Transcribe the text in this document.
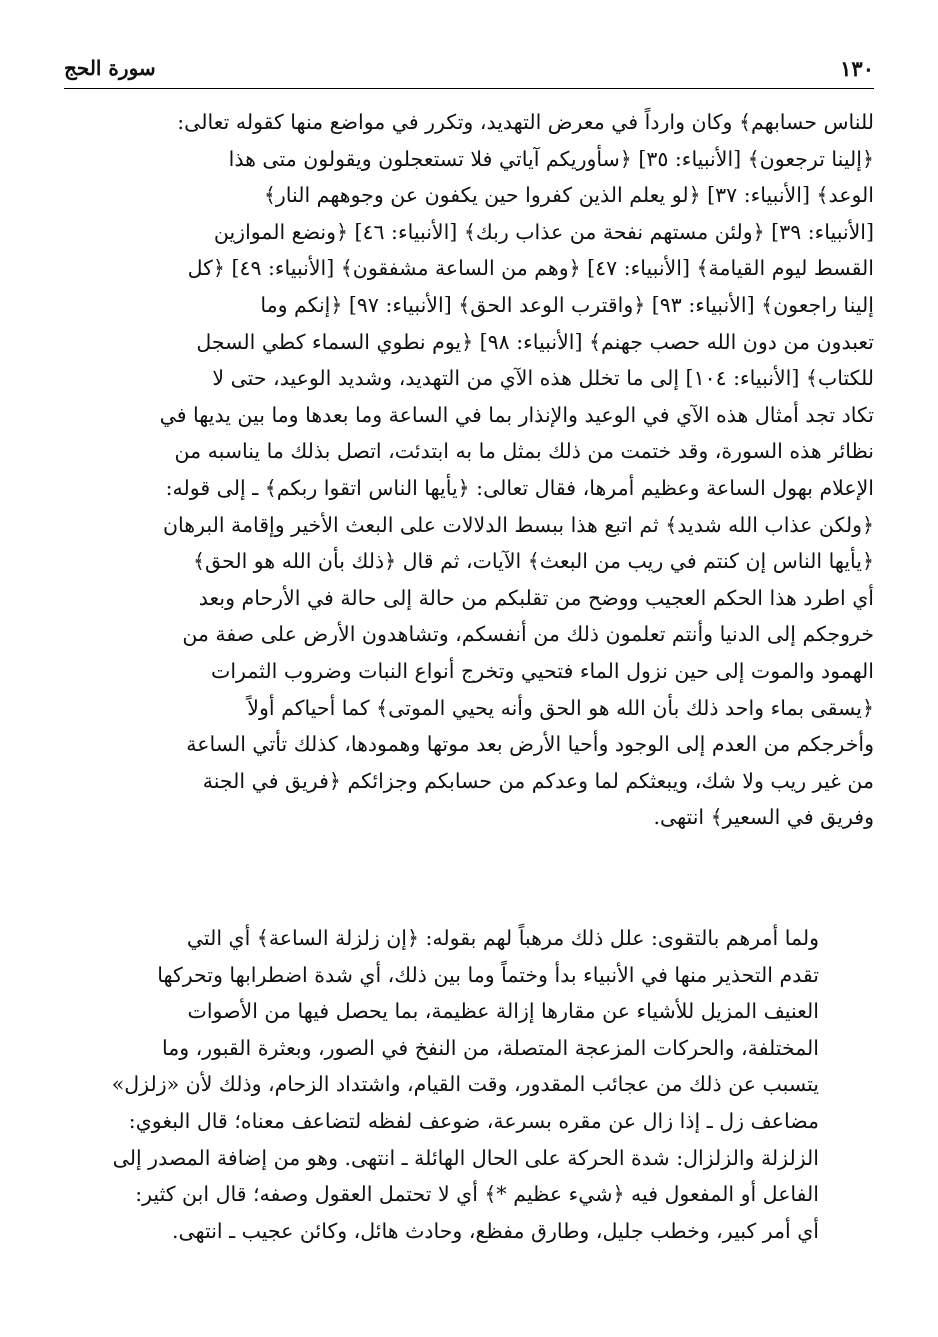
١٣٠
سورة الحج
للناس حسابهم﴾ وكان وارداً في معرض التهديد، وتكرر في مواضع منها كقوله تعالى:
﴿إلينا ترجعون﴾ [الأنبياء: ٣٥] ﴿سأوريكم آياتي فلا تستعجلون ويقولون متى هذا
الوعد﴾ [الأنبياء: ٣٧] ﴿لو يعلم الذين كفروا حين يكفون عن وجوههم النار﴾
[الأنبياء: ٣٩] ﴿ولئن مستهم نفحة من عذاب ربك﴾ [الأنبياء: ٤٦] ﴿ونضع الموازين
القسط ليوم القيامة﴾ [الأنبياء: ٤٧] ﴿وهم من الساعة مشفقون﴾ [الأنبياء: ٤٩] ﴿كل
إلينا راجعون﴾ [الأنبياء: ٩٣] ﴿واقترب الوعد الحق﴾ [الأنبياء: ٩٧] ﴿إنكم وما
تعبدون من دون الله حصب جهنم﴾ [الأنبياء: ٩٨] ﴿يوم نطوي السماء كطي السجل
للكتاب﴾ [الأنبياء: ١٠٤] إلى ما تخلل هذه الآي من التهديد، وشديد الوعيد، حتى لا
تكاد تجد أمثال هذه الآي في الوعيد والإنذار بما في الساعة وما بعدها وما بين يديها في
نظائر هذه السورة، وقد ختمت من ذلك بمثل ما به ابتدئت، اتصل بذلك ما يناسبه من
الإعلام بهول الساعة وعظيم أمرها، فقال تعالى: ﴿يأيها الناس اتقوا ربكم﴾ ـ إلى قوله:
﴿ولكن عذاب الله شديد﴾ ثم اتبع هذا ببسط الدلالات على البعث الأخير وإقامة البرهان
﴿يأيها الناس إن كنتم في ريب من البعث﴾ الآيات، ثم قال ﴿ذلك بأن الله هو الحق﴾
أي اطرد هذا الحكم العجيب ووضح من تقلبكم من حالة إلى حالة في الأرحام وبعد
خروجكم إلى الدنيا وأنتم تعلمون ذلك من أنفسكم، وتشاهدون الأرض على صفة من
الهمود والموت إلى حين نزول الماء فتحيي وتخرج أنواع النبات وضروب الثمرات
﴿يسقى بماء واحد ذلك بأن الله هو الحق وأنه يحيي الموتى﴾ كما أحياكم أولاً
وأخرجكم من العدم إلى الوجود وأحيا الأرض بعد موتها وهمودها، كذلك تأتي الساعة
من غير ريب ولا شك، ويبعثكم لما وعدكم من حسابكم وجزائكم ﴿فريق في الجنة
وفريق في السعير﴾ انتهى.
ولما أمرهم بالتقوى: علل ذلك مرهباً لهم بقوله: ﴿إن زلزلة الساعة﴾ أي التي
تقدم التحذير منها في الأنبياء بدأ وختماً وما بين ذلك، أي شدة اضطرابها وتحركها
العنيف المزيل للأشياء عن مقارها إزالة عظيمة، بما يحصل فيها من الأصوات
المختلفة، والحركات المزعجة المتصلة، من النفخ في الصور، وبعثرة القبور، وما
يتسبب عن ذلك من عجائب المقدور، وقت القيام، واشتداد الزحام، وذلك لأن «زلزل»
مضاعف زل ـ إذا زال عن مقره بسرعة، ضوعف لفظه لتضاعف معناه؛ قال البغوي:
الزلزلة والزلزال: شدة الحركة على الحال الهائلة ـ انتهى. وهو من إضافة المصدر إلى
الفاعل أو المفعول فيه ﴿شيء عظيم *﴾ أي لا تحتمل العقول وصفه؛ قال ابن كثير:
أي أمر كبير، وخطب جليل، وطارق مفظع، وحادث هائل، وكائن عجيب ـ انتهى.
